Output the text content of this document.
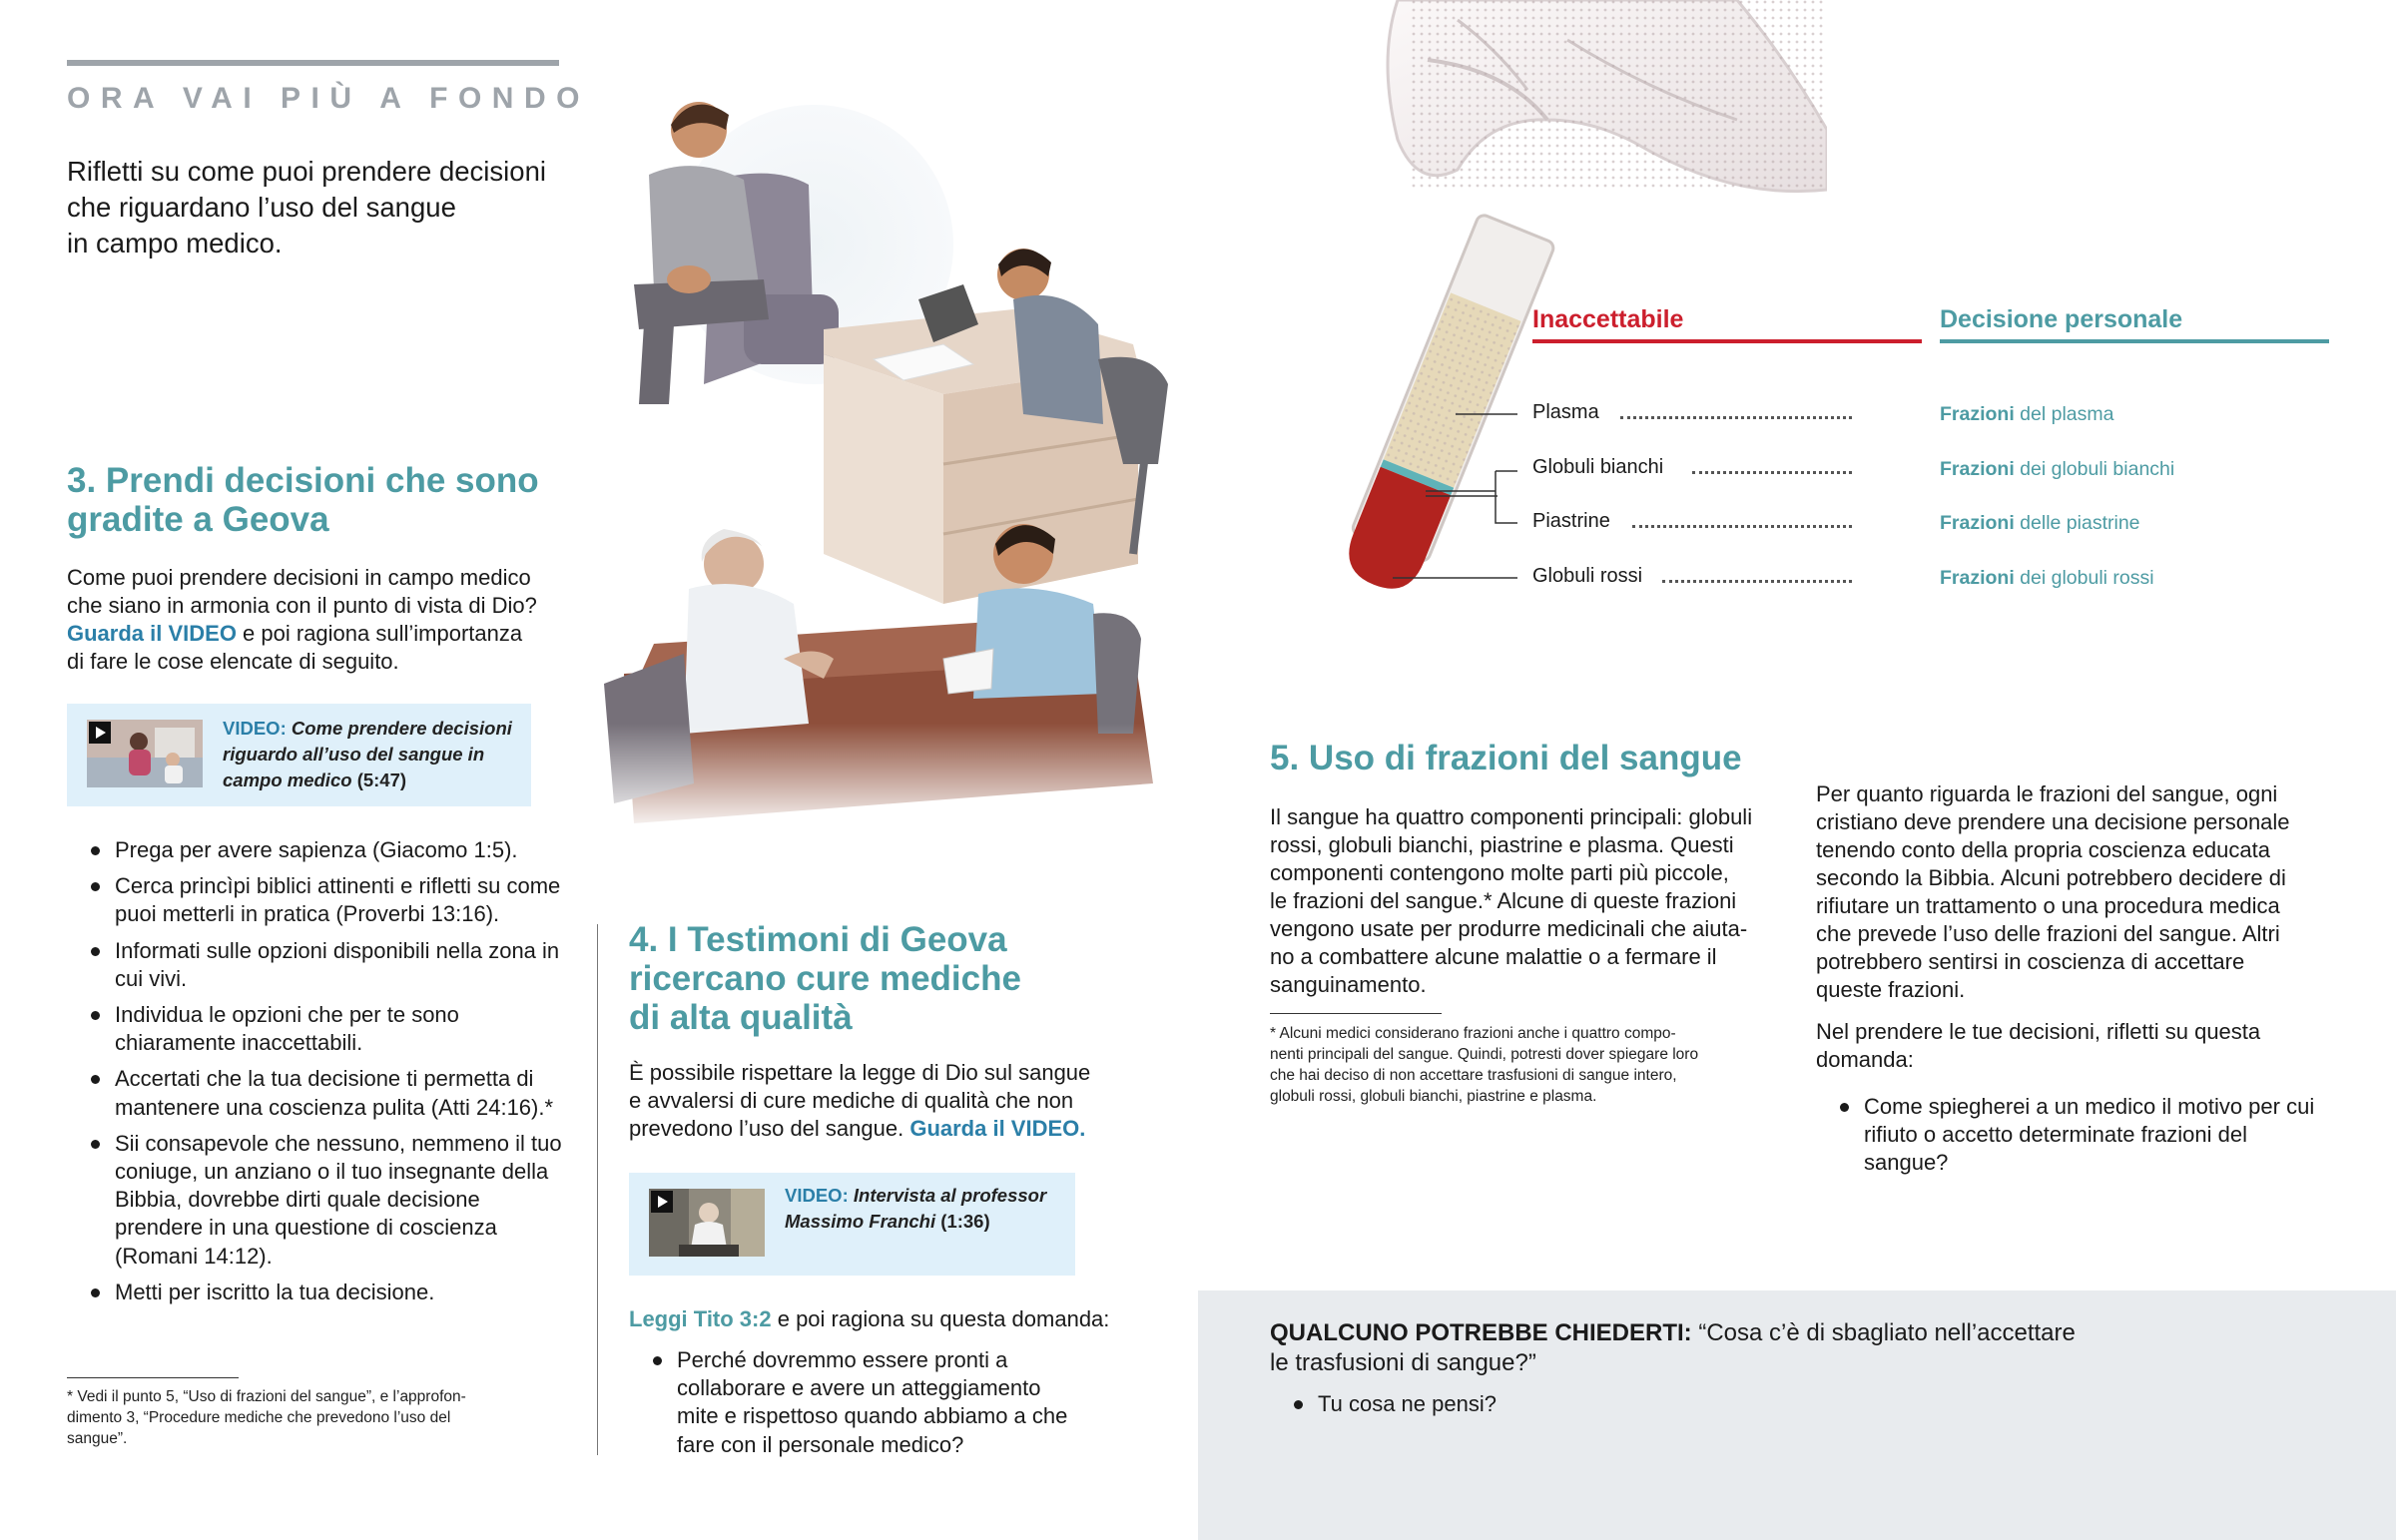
ORA VAI PIÙ A FONDO
Rifletti su come puoi prendere decisioni
che riguardano l’uso del sangue
in campo medico.

3. Prendi decisioni che sono

gradite a Geova

Come puoi prendere decisioni in campo medico

che siano in armonia con il punto di vista di Dio?

Guarda il VIDEO e poi ragiona sull’importanza

di fare le cose elencate di seguito.

VIDEO: Come prendere decisioni
riguardo all’uso del sangue in
campo medico (5:47)
Prega per avere sapienza (Giacomo 1:5).
Cerca princìpi biblici attinenti e rifletti su come puoi metterli in pratica (Proverbi 13:16).
Informati sulle opzioni disponibili nella zona in cui vivi.
Individua le opzioni che per te sono chiaramente inaccettabili.
Accertati che la tua decisione ti permetta di mantenere una coscienza pulita (Atti 24:16).*
Sii consapevole che nessuno, nemmeno il tuo coniuge, un anziano o il tuo insegnante della Bibbia, dovrebbe dirti quale decisione prendere in una questione di coscienza (Romani 14:12).
Metti per iscritto la tua decisione.

* Vedi il punto 5, “Uso di frazioni del sangue”, e l’approfon-

dimento 3, “Procedure mediche che prevedono l’uso del

sangue”.

4. I Testimoni di Geova

ricercano cure mediche

di alta qualità

È possibile rispettare la legge di Dio sul sangue

e avvalersi di cure mediche di qualità che non

prevedono l’uso del sangue. Guarda il VIDEO.

VIDEO: Intervista al professor
Massimo Franchi (1:36)

Leggi Tito 3:2 e poi ragiona su questa domanda:

Perché dovremmo essere pronti a collaborare e avere un atteggiamento mite e rispettoso quando abbiamo a che fare con il personale medico?
Inaccettabile	Decisione personale
Plasma	Frazioni del plasma
Globuli bianchi	Frazioni dei globuli bianchi
Piastrine	Frazioni delle piastrine
Globuli rossi	Frazioni dei globuli rossi
5. Uso di frazioni del sangue

Il sangue ha quattro componenti principali: globuli

rossi, globuli bianchi, piastrine e plasma. Questi

componenti contengono molte parti più piccole,

le frazioni del sangue.* Alcune di queste frazioni

vengono usate per produrre medicinali che aiuta-

no a combattere alcune malattie o a fermare il

sanguinamento.

* Alcuni medici considerano frazioni anche i quattro compo-

nenti principali del sangue. Quindi, potresti dover spiegare loro

che hai deciso di non accettare trasfusioni di sangue intero,

globuli rossi, globuli bianchi, piastrine e plasma.

Per quanto riguarda le frazioni del sangue, ogni

cristiano deve prendere una decisione personale

tenendo conto della propria coscienza educata

secondo la Bibbia. Alcuni potrebbero decidere di

rifiutare un trattamento o una procedura medica

che prevede l’uso delle frazioni del sangue. Altri

potrebbero sentirsi in coscienza di accettare

queste frazioni.

Nel prendere le tue decisioni, rifletti su questa

domanda:

Come spiegherei a un medico il motivo per cui rifiuto o accetto determinate frazioni del sangue?
QUALCUNO POTREBBE CHIEDERTI: “Cosa c’è di sbagliato nell’accettare
le trasfusioni di sangue?”
Tu cosa ne pensi?
